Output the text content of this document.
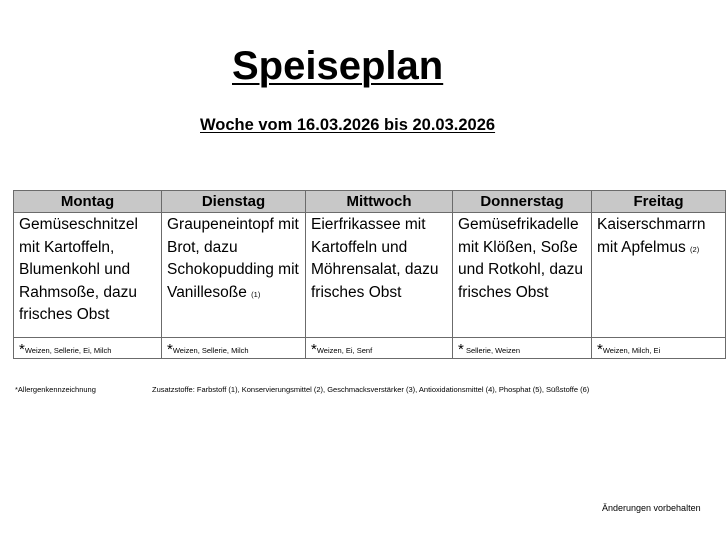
Speiseplan
Woche vom 16.03.2026 bis 20.03.2026
Montag	Dienstag	Mittwoch	Donnerstag	Freitag
Gemüseschnitzel mit Kartoffeln, Blumenkohl und Rahmsoße, dazu frisches Obst	Graupeneintopf mit Brot, dazu Schokopudding mit Vanillesoße (1)	Eierfrikassee mit Kartoffeln und Möhrensalat, dazu frisches Obst	Gemüsefrikadelle mit Klößen, Soße und Rotkohl, dazu frisches Obst	Kaiserschmarrn mit Apfelmus (2)
*Weizen, Sellerie, Ei, Milch	*Weizen, Sellerie, Milch	*Weizen, Ei, Senf	* Sellerie, Weizen	*Weizen, Milch, Ei
*Allergenkennzeichnung	Zusatzstoffe: Farbstoff (1), Konservierungsmittel (2), Geschmacksverstärker (3), Antioxidationsmittel (4), Phosphat (5), Süßstoffe (6)
Änderungen vorbehalten
